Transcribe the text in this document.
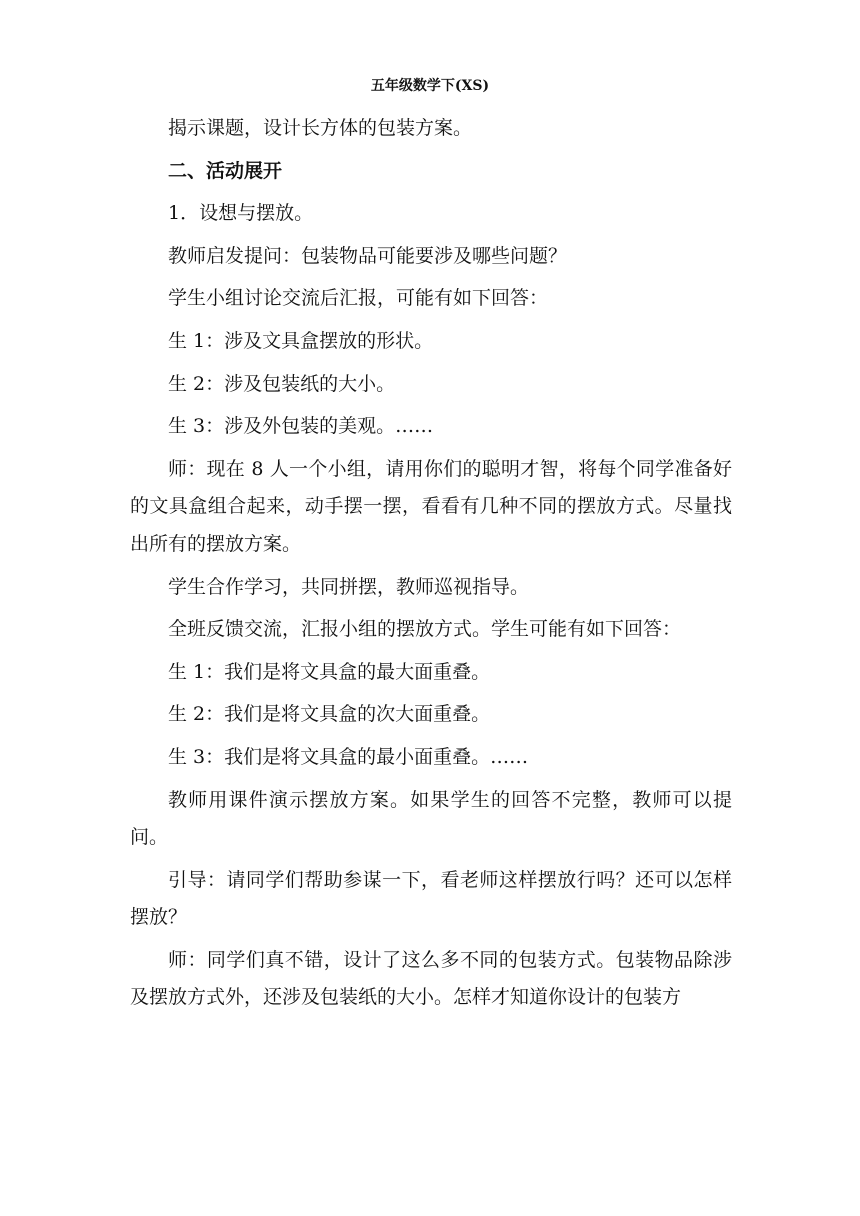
五年级数学下(XS)

揭示课题，设计长方体的包装方案。

二、活动展开

1．设想与摆放。

教师启发提问：包装物品可能要涉及哪些问题？

学生小组讨论交流后汇报，可能有如下回答：

生 1：涉及文具盒摆放的形状。

生 2：涉及包装纸的大小。

生 3：涉及外包装的美观。……

师：现在 8 人一个小组，请用你们的聪明才智，将每个同学准备好的文具盒组合起来，动手摆一摆，看看有几种不同的摆放方式。尽量找出所有的摆放方案。

学生合作学习，共同拼摆，教师巡视指导。

全班反馈交流，汇报小组的摆放方式。学生可能有如下回答：

生 1：我们是将文具盒的最大面重叠。

生 2：我们是将文具盒的次大面重叠。

生 3：我们是将文具盒的最小面重叠。……

教师用课件演示摆放方案。如果学生的回答不完整，教师可以提问。

引导：请同学们帮助参谋一下，看老师这样摆放行吗？还可以怎样摆放？

师：同学们真不错，设计了这么多不同的包装方式。包装物品除涉及摆放方式外，还涉及包装纸的大小。怎样才知道你设计的包装方
